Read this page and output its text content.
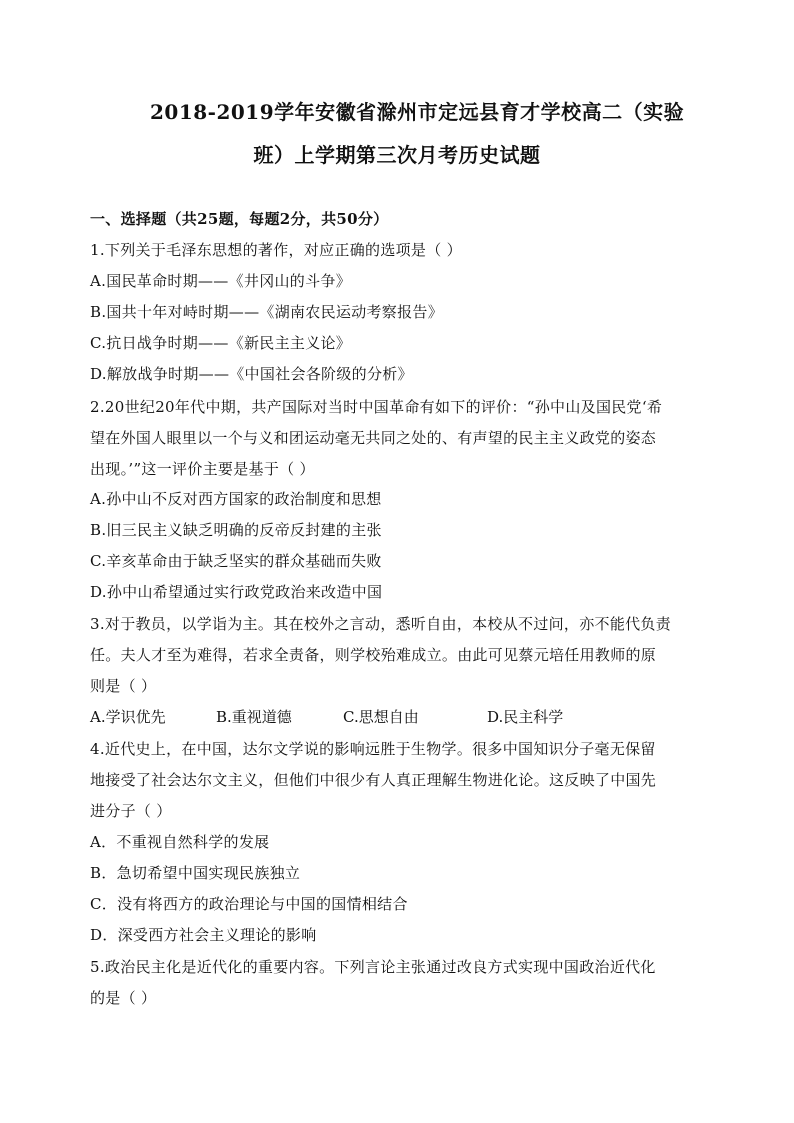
2018-2019学年安徽省滁州市定远县育才学校高二（实验
班）上学期第三次月考历史试题
一、选择题（共25题，每题2分，共50分）
1.下列关于毛泽东思想的著作，对应正确的选项是（ ）
A.国民革命时期——《井冈山的斗争》
B.国共十年对峙时期——《湖南农民运动考察报告》
C.抗日战争时期——《新民主主义论》
D.解放战争时期——《中国社会各阶级的分析》
2.20世纪20年代中期，共产国际对当时中国革命有如下的评价：“孙中山及国民党‘希
望在外国人眼里以一个与义和团运动毫无共同之处的、有声望的民主主义政党的姿态
出现。’”这一评价主要是基于（ ）
A.孙中山不反对西方国家的政治制度和思想
B.旧三民主义缺乏明确的反帝反封建的主张
C.辛亥革命由于缺乏坚实的群众基础而失败
D.孙中山希望通过实行政党政治来改造中国
3.对于教员，以学诣为主。其在校外之言动，悉听自由，本校从不过问，亦不能代负责
任。夫人才至为难得，若求全责备，则学校殆难成立。由此可见蔡元培任用教师的原
则是（ ）
A.学识优先	B.重视道德	C.思想自由	D.民主科学
4.近代史上，在中国，达尔文学说的影响远胜于生物学。很多中国知识分子毫无保留
地接受了社会达尔文主义，但他们中很少有人真正理解生物进化论。这反映了中国先
进分子（ ）
A．不重视自然科学的发展
B．急切希望中国实现民族独立
C．没有将西方的政治理论与中国的国情相结合
D．深受西方社会主义理论的影响
5.政治民主化是近代化的重要内容。下列言论主张通过改良方式实现中国政治近代化
的是（ ）
